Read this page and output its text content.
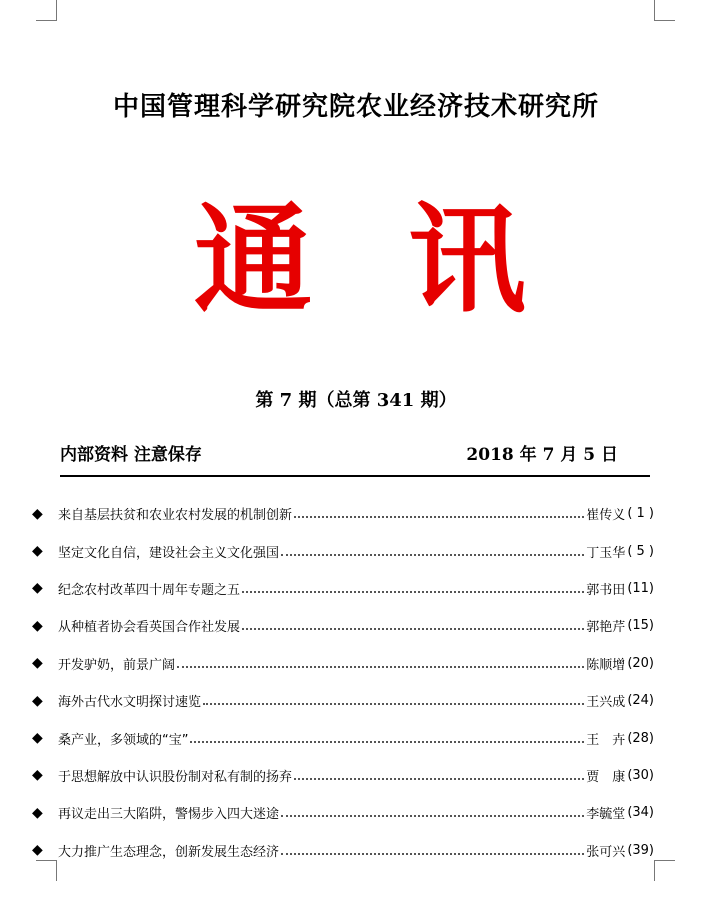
中国管理科学研究院农业经济技术研究所
通 讯
第 7 期（总第 341 期）
内部资料 注意保存	2018 年 7 月 5 日
◆	来自基层扶贫和农业农村发展的机制创新	崔传义 ( 1 )
◆	坚定文化自信，建设社会主义文化强国	丁玉华 ( 5 )
◆	纪念农村改革四十周年专题之五	郭书田 (11)
◆	从种植者协会看英国合作社发展	郭艳芹 (15)
◆	开发驴奶，前景广阔	陈顺增 (20)
◆	海外古代水文明探讨速览	王兴成 (24)
◆	桑产业，多领域的“宝”	王　卉 (28)
◆	于思想解放中认识股份制对私有制的扬弃	贾　康 (30)
◆	再议走出三大陷阱，警惕步入四大迷途	李毓堂 (34)
◆	大力推广生态理念，创新发展生态经济	张可兴 (39)
